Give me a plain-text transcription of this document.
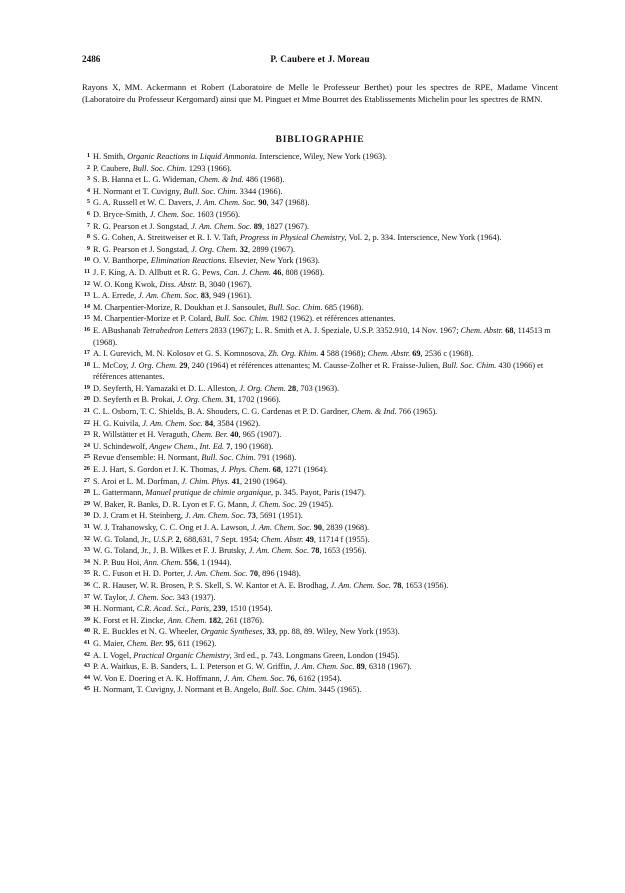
2486	P. Caubere et J. Moreau

Rayons X, MM. Ackermann et Robert (Laboratoire de Melle le Professeur Berthet) pour les spectres de RPE, Madame Vincent (Laboratoire du Professeur Kergomard) ainsi que M. Pinguet et Mme Bourret des Etablissements Michelin pour les spectres de RMN.

BIBLIOGRAPHIE
1 H. Smith, Organic Reactions in Liquid Ammonia. Interscience, Wiley, New York (1963).
2 P. Caubere, Bull. Soc. Chim. 1293 (1966).
3 S. B. Hanna et L. G. Wideman, Chem. & Ind. 486 (1968).
4 H. Normant et T. Cuvigny, Bull. Soc. Chim. 3344 (1966).
5 G. A. Russell et W. C. Davers, J. Am. Chem. Soc. 90, 347 (1968).
6 D. Bryce-Smith, J. Chem. Soc. 1603 (1956).
7 R. G. Pearson et J. Songstad, J. Am. Chem. Soc. 89, 1827 (1967).
8 S. G. Cohen, A. Streitweiser et R. I. V. Taft, Progress in Physical Chemistry, Vol. 2, p. 334. Interscience, New York (1964).
9 R. G. Pearson et J. Songstad, J. Org. Chem. 32, 2899 (1967).
10 O. V. Banthorpe, Elimination Reactions. Elsevier, New York (1963).
11 J. F. King, A. D. Allbutt et R. G. Pews, Can. J. Chem. 46, 808 (1968).
12 W. O. Kong Kwok, Diss. Abstr. B, 3040 (1967).
13 L. A. Errede, J. Am. Chem. Soc. 83, 949 (1961).
14 M. Charpentier-Morize, R. Doukhan et J. Sansoulet, Bull. Soc. Chim. 685 (1968).
15 M. Charpentier-Morize et P. Colard, Bull. Soc. Chim. 1982 (1962). et références attenantes.
16 E. ABushanab Tetrahedron Letters 2833 (1967); L. R. Smith et A. J. Speziale, U.S.P. 3352.910, 14 Nov. 1967; Chem. Abstr. 68, 114513 m (1968).
17 A. I. Gurevich, M. N. Kolosov et G. S. Komnosova, Zh. Org. Khim. 4 588 (1968); Chem. Abstr. 69, 2536 c (1968).
18 L. McCoy, J. Org. Chem. 29, 240 (1964) et références attenantes; M. Causse-Zolher et R. Fraisse-Julien, Bull. Soc. Chim. 430 (1966) et références attenantes.
19 D. Seyferth, H. Yamazaki et D. L. Alleston, J. Org. Chem. 28, 703 (1963).
20 D. Seyferth et B. Prokai, J. Org. Chem. 31, 1702 (1966).
21 C. L. Osborn, T. C. Shields, B. A. Shouders, C. G. Cardenas et P. D. Gardner, Chem. & Ind. 766 (1965).
22 H. G. Kuivila, J. Am. Chem. Soc. 84, 3584 (1962).
23 R. Willstätter et H. Veraguth, Chem. Ber. 40, 965 (1907).
24 U. Schindewolf, Angew Chem., Int. Ed. 7, 190 (1968).
25 Revue d'ensemble: H. Normant, Bull. Soc. Chim. 791 (1968).
26 E. J. Hart, S. Gordon et J. K. Thomas, J. Phys. Chem. 68, 1271 (1964).
27 S. Aroi et L. M. Dorfman, J. Chim. Phys. 41, 2190 (1964).
28 L. Gattermann, Manuel pratique de chimie organique, p. 345. Payot, Paris (1947).
29 W. Baker, R. Banks, D. R. Lyon et F. G. Mann, J. Chem. Soc. 29 (1945).
30 D. J. Cram et H. Steinberg, J. Am. Chem. Soc. 73, 5691 (1951).
31 W. J. Trahanowsky, C. C. Ong et J. A. Lawson, J. Am. Chem. Soc. 90, 2839 (1968).
32 W. G. Toland, Jr., U.S.P. 2, 688,631, 7 Sept. 1954; Chem. Abstr. 49, 11714 f (1955).
33 W. G. Toland, Jr., J. B. Wilkes et F. J. Brutsky, J. Am. Chem. Soc. 78, 1653 (1956).
34 N. P. Buu Hoi, Ann. Chem. 556, 1 (1944).
35 R. C. Fuson et H. D. Porter, J. Am. Chem. Soc. 70, 896 (1948).
36 C. R. Hauser, W. R. Brosen, P. S. Skell, S. W. Kantor et A. E. Brodhag, J. Am. Chem. Soc. 78, 1653 (1956).
37 W. Taylor, J. Chem. Soc. 343 (1937).
38 H. Normant, C.R. Acad. Sci., Paris, 239, 1510 (1954).
39 K. Forst et H. Zincke, Ann. Chem. 182, 261 (1876).
40 R. E. Buckles et N. G. Wheeler, Organic Syntheses, 33, pp. 88, 89. Wiley, New York (1953).
41 G. Maier, Chem. Ber. 95, 611 (1962).
42 A. I. Vogel, Practical Organic Chemistry, 3rd ed., p. 743. Longmans Green, London (1945).
43 P. A. Waitkus, E. B. Sanders, L. I. Peterson et G. W. Griffin, J. Am. Chem. Soc. 89, 6318 (1967).
44 W. Von E. Doering et A. K. Hoffmann, J. Am. Chem. Soc. 76, 6162 (1954).
45 H. Normant, T. Cuvigny, J. Normant et B. Angelo, Bull. Soc. Chim. 3445 (1965).
